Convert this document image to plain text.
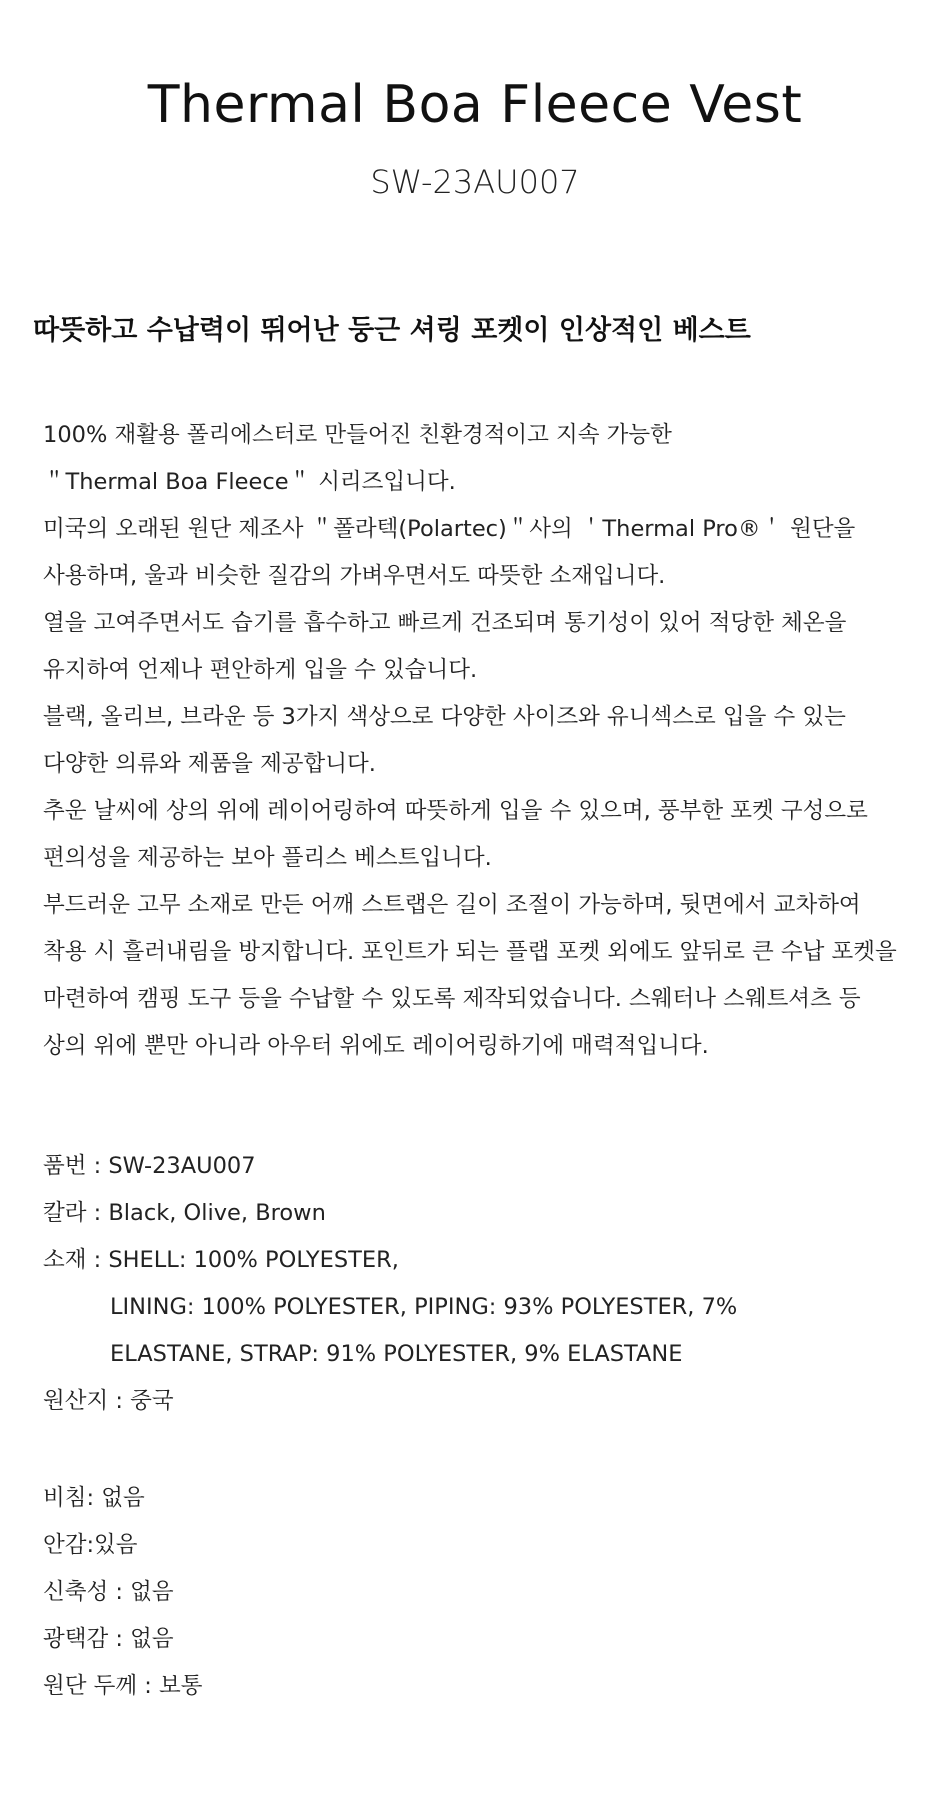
Thermal Boa Fleece Vest
SW-23AU007
따뜻하고 수납력이 뛰어난 둥근 셔링 포켓이 인상적인 베스트
100% 재활용 폴리에스터로 만들어진 친환경적이고 지속 가능한
＂Thermal Boa Fleece＂ 시리즈입니다.
미국의 오래된 원단 제조사 ＂폴라텍(Polartec)＂사의 ＇Thermal Pro®＇ 원단을
사용하며, 울과 비슷한 질감의 가벼우면서도 따뜻한 소재입니다.
열을 고여주면서도 습기를 흡수하고 빠르게 건조되며 통기성이 있어 적당한 체온을
유지하여 언제나 편안하게 입을 수 있습니다.
블랙, 올리브, 브라운 등 3가지 색상으로 다양한 사이즈와 유니섹스로 입을 수 있는
다양한 의류와 제품을 제공합니다.
추운 날씨에 상의 위에 레이어링하여 따뜻하게 입을 수 있으며, 풍부한 포켓 구성으로
편의성을 제공하는 보아 플리스 베스트입니다.
부드러운 고무 소재로 만든 어깨 스트랩은 길이 조절이 가능하며, 뒷면에서 교차하여
착용 시 흘러내림을 방지합니다. 포인트가 되는 플랩 포켓 외에도 앞뒤로 큰 수납 포켓을
마련하여 캠핑 도구 등을 수납할 수 있도록 제작되었습니다. 스웨터나 스웨트셔츠 등
상의 위에 뿐만 아니라 아우터 위에도 레이어링하기에 매력적입니다.
품번 : SW-23AU007
칼라 : Black, Olive, Brown
소재 : SHELL: 100% POLYESTER,
LINING: 100% POLYESTER, PIPING: 93% POLYESTER, 7%
ELASTANE, STRAP: 91% POLYESTER, 9% ELASTANE
원산지 : 중국
비침: 없음
안감:있음
신축성 : 없음
광택감 : 없음
원단 두께 : 보통
